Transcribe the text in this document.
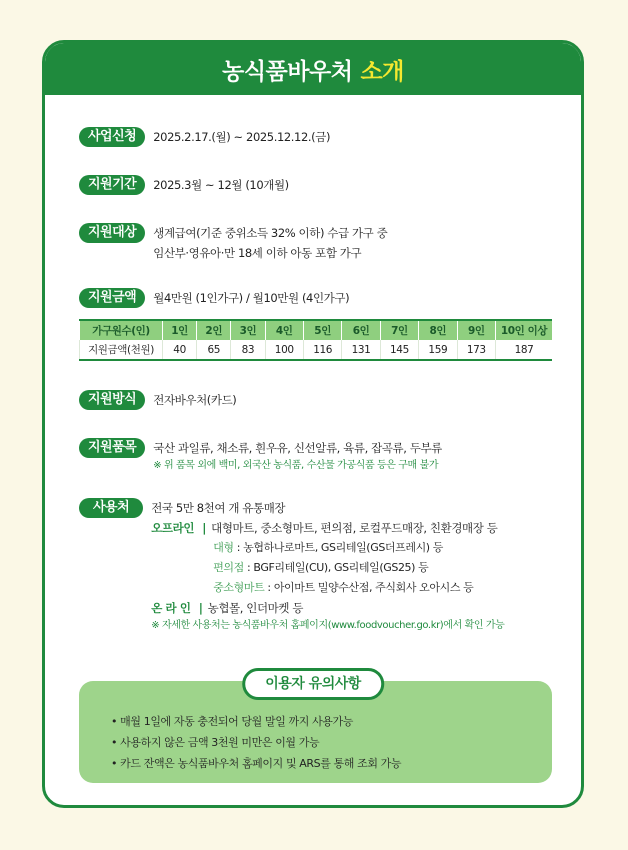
농식품바우처 소개
사업신청	2025.2.17.(월) ~ 2025.12.12.(금)
지원기간	2025.3월 ~ 12월 (10개월)
지원대상	생계급여(기준 중위소득 32% 이하) 수급 가구 중
임산부·영유아·만 18세 이하 아동 포함 가구
지원금액	월4만원 (1인가구) / 월10만원 (4인가구)
가구원수(인)	1인	2인	3인	4인	5인	6인	7인	8인	9인	10인 이상
지원금액(천원)	40	65	83	100	116	131	145	159	173	187
지원방식	전자바우처(카드)
지원품목	국산 과일류, 채소류, 흰우유, 신선알류, 육류, 잡곡류, 두부류
※ 위 품목 외에 백미, 외국산 농식품, 수산물 가공식품 등은 구매 불가
사용처	전국 5만 8천여 개 유통매장
오프라인 | 대형마트, 중소형마트, 편의점, 로컬푸드매장, 친환경매장 등
대형 : 농협하나로마트, GS리테일(GS더프레시) 등
편의점 : BGF리테일(CU), GS리테일(GS25) 등
중소형마트 : 아이마트 밀양수산점, 주식회사 오아시스 등
온 라 인 | 농협몰, 인더마켓 등
※ 자세한 사용처는 농식품바우처 홈페이지(www.foodvoucher.go.kr)에서 확인 가능
• 매월 1일에 자동 충전되어 당월 말일 까지 사용가능
• 사용하지 않은 금액 3천원 미만은 이월 가능
• 카드 잔액은 농식품바우처 홈페이지 및 ARS를 통해 조회 가능
이용자 유의사항
